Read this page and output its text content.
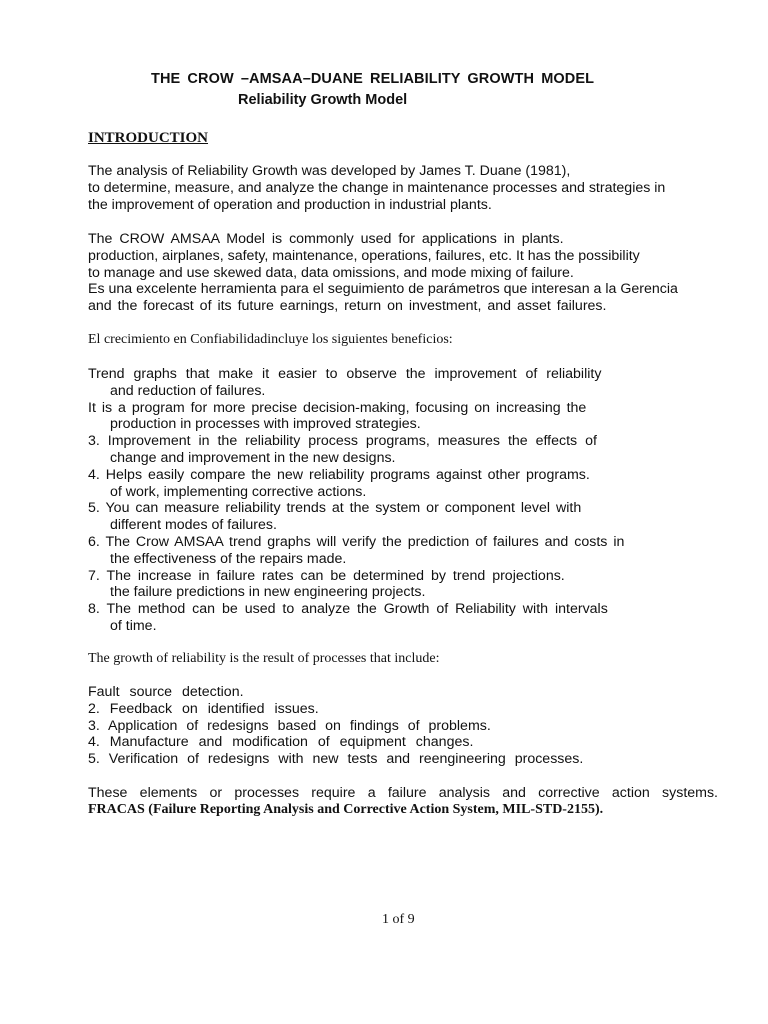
THE CROW –AMSAA–DUANE RELIABILITY GROWTH MODEL
Reliability Growth Model
INTRODUCTION
The analysis of Reliability Growth was developed by James T. Duane (1981),
to determine, measure, and analyze the change in maintenance processes and strategies in
the improvement of operation and production in industrial plants.
The CROW AMSAA Model is commonly used for applications in plants.
production, airplanes, safety, maintenance, operations, failures, etc. It has the possibility
to manage and use skewed data, data omissions, and mode mixing of failure.
Es una excelente herramienta para el seguimiento de parámetros que interesan a la Gerencia
and the forecast of its future earnings, return on investment, and asset failures.
El crecimiento en Confiabilidadincluye los siguientes beneficios:
Trend graphs that make it easier to observe the improvement of reliability
and reduction of failures.
It is a program for more precise decision-making, focusing on increasing the
production in processes with improved strategies.
3. Improvement in the reliability process programs, measures the effects of
change and improvement in the new designs.
4. Helps easily compare the new reliability programs against other programs.
of work, implementing corrective actions.
5. You can measure reliability trends at the system or component level with
different modes of failures.
6. The Crow AMSAA trend graphs will verify the prediction of failures and costs in
the effectiveness of the repairs made.
7. The increase in failure rates can be determined by trend projections.
the failure predictions in new engineering projects.
8. The method can be used to analyze the Growth of Reliability with intervals
of time.
The growth of reliability is the result of processes that include:
Fault source detection.
2. Feedback on identified issues.
3. Application of redesigns based on findings of problems.
4. Manufacture and modification of equipment changes.
5. Verification of redesigns with new tests and reengineering processes.
These elements or processes require a failure analysis and corrective action systems.
FRACAS (Failure Reporting Analysis and Corrective Action System, MIL-STD-2155).
1 of 9
